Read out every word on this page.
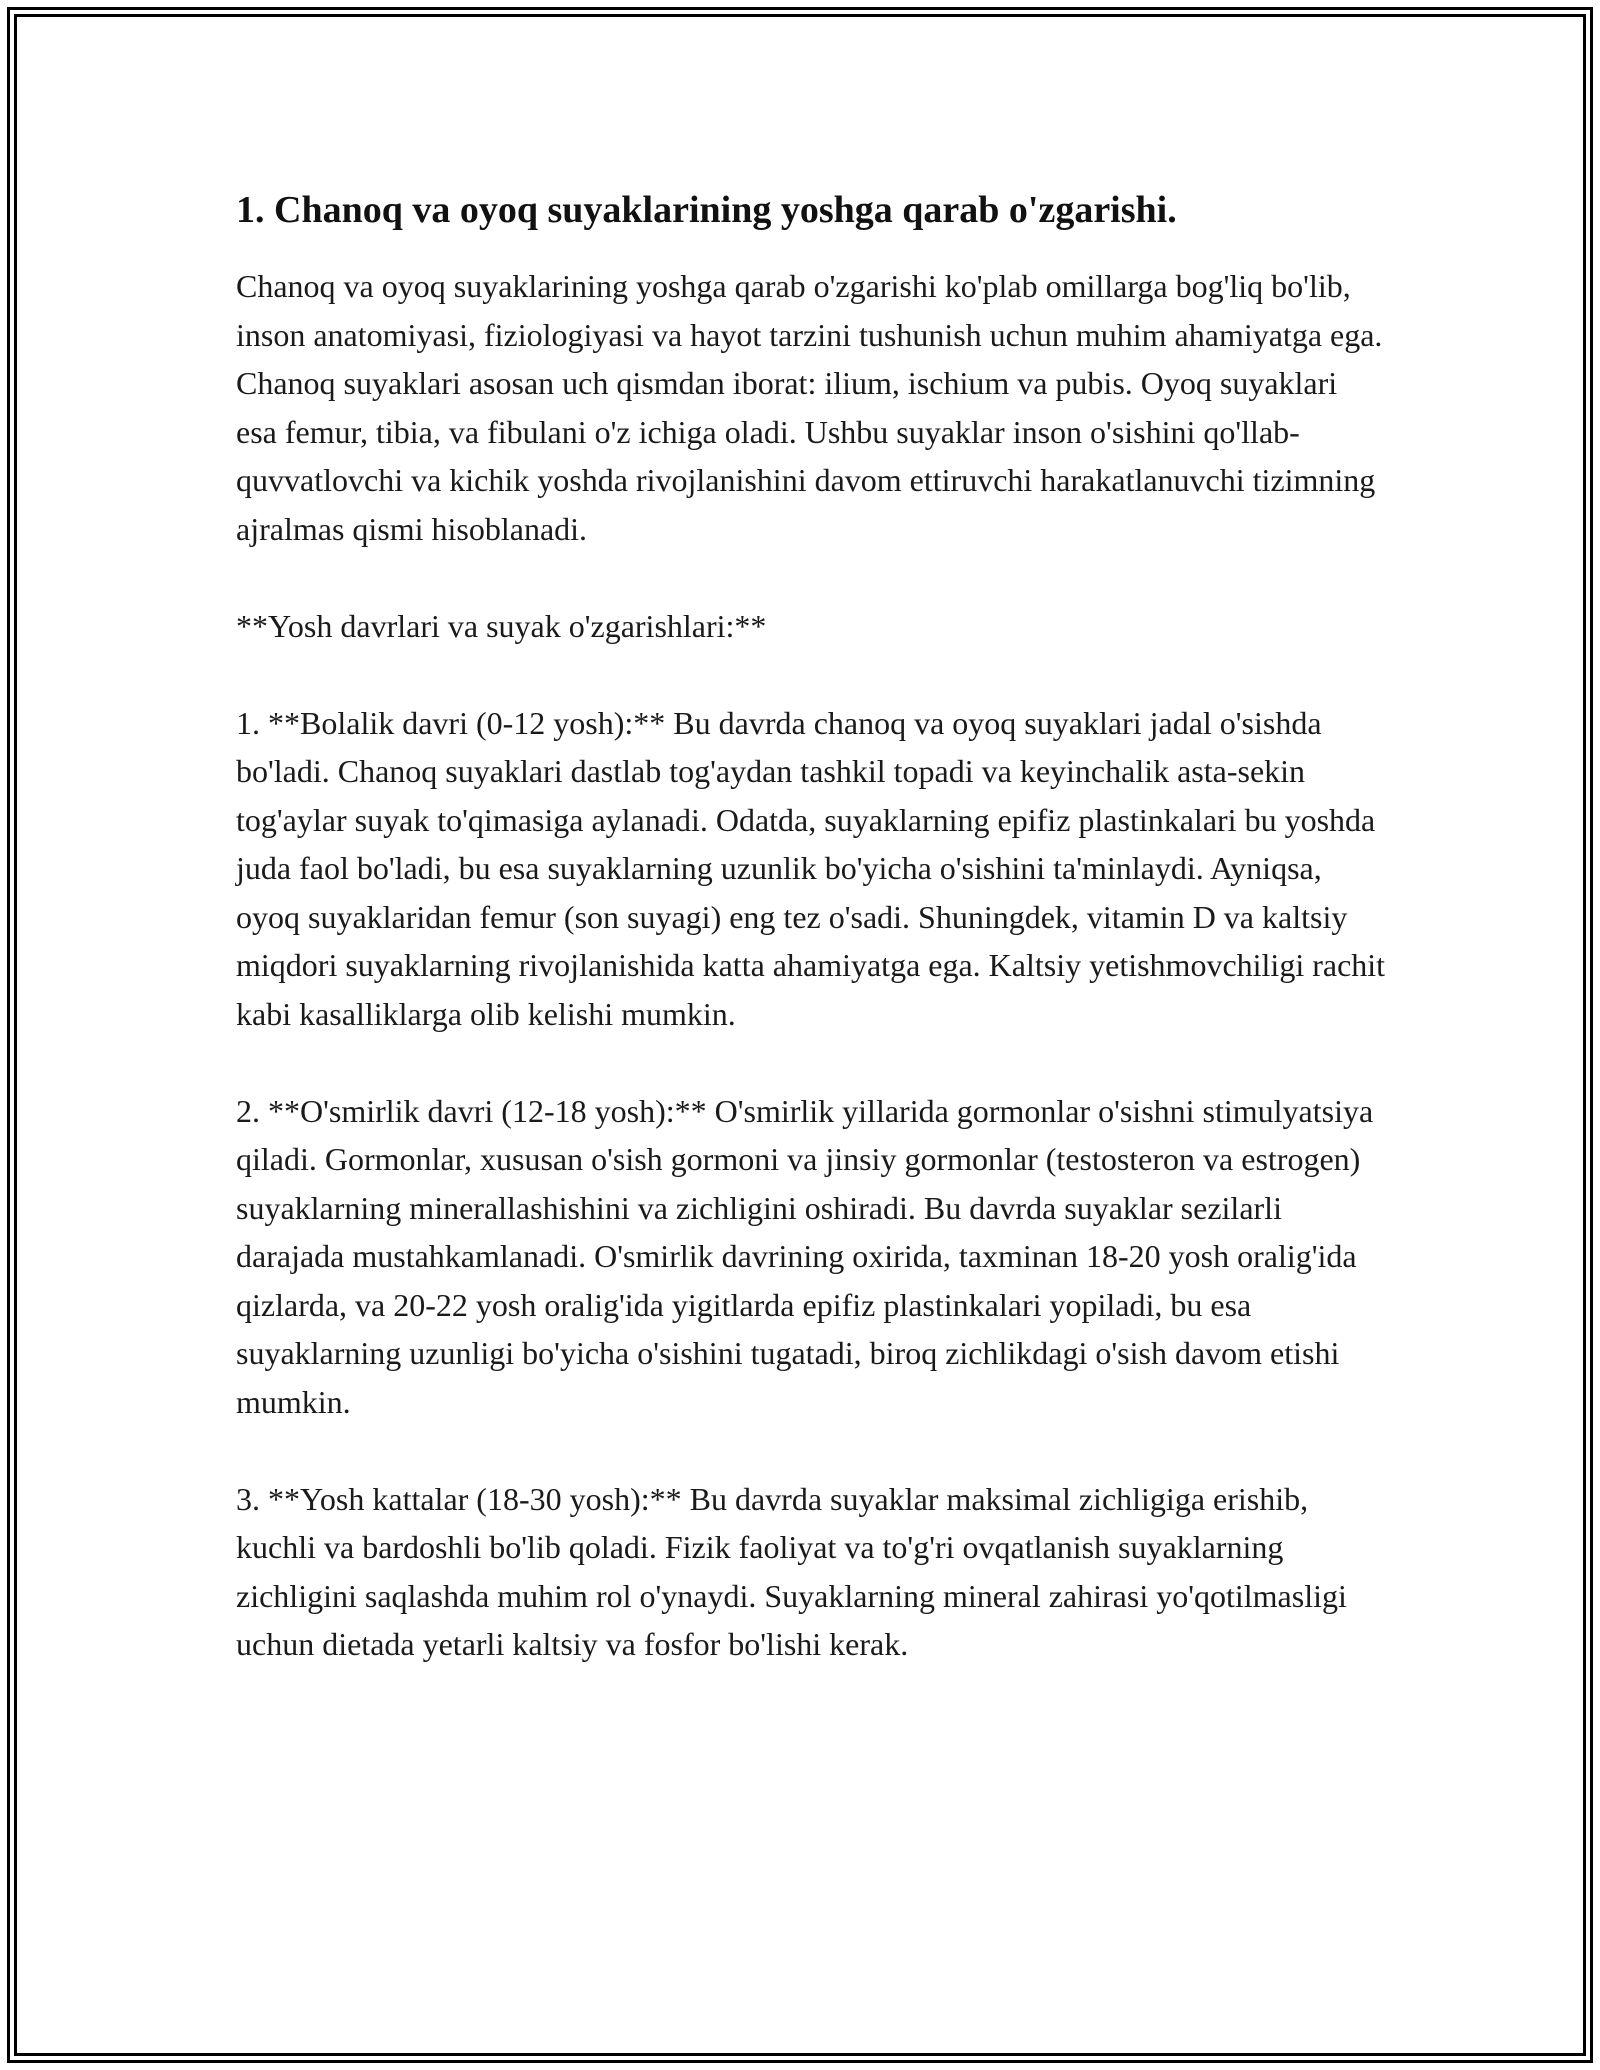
1. Chanoq va oyoq suyaklarining yoshga qarab o'zgarishi.

Chanoq va oyoq suyaklarining yoshga qarab o'zgarishi ko'plab omillarga bog'liq bo'lib, inson anatomiyasi, fiziologiyasi va hayot tarzini tushunish uchun muhim ahamiyatga ega. Chanoq suyaklari asosan uch qismdan iborat: ilium, ischium va pubis. Oyoq suyaklari esa femur, tibia, va fibulani o'z ichiga oladi. Ushbu suyaklar inson o'sishini qo'llab-quvvatlovchi va kichik yoshda rivojlanishini davom ettiruvchi harakatlanuvchi tizimning ajralmas qismi hisoblanadi.

**Yosh davrlari va suyak o'zgarishlari:**

1. **Bolalik davri (0-12 yosh):** Bu davrda chanoq va oyoq suyaklari jadal o'sishda bo'ladi. Chanoq suyaklari dastlab tog'aydan tashkil topadi va keyinchalik asta-sekin tog'aylar suyak to'qimasiga aylanadi. Odatda, suyaklarning epifiz plastinkalari bu yoshda juda faol bo'ladi, bu esa suyaklarning uzunlik bo'yicha o'sishini ta'minlaydi. Ayniqsa, oyoq suyaklaridan femur (son suyagi) eng tez o'sadi. Shuningdek, vitamin D va kaltsiy miqdori suyaklarning rivojlanishida katta ahamiyatga ega. Kaltsiy yetishmovchiligi rachit kabi kasalliklarga olib kelishi mumkin.

2. **O'smirlik davri (12-18 yosh):** O'smirlik yillarida gormonlar o'sishni stimulyatsiya qiladi. Gormonlar, xususan o'sish gormoni va jinsiy gormonlar (testosteron va estrogen) suyaklarning minerallashishini va zichligini oshiradi. Bu davrda suyaklar sezilarli darajada mustahkamlanadi. O'smirlik davrining oxirida, taxminan 18-20 yosh oralig'ida qizlarda, va 20-22 yosh oralig'ida yigitlarda epifiz plastinkalari yopiladi, bu esa suyaklarning uzunligi bo'yicha o'sishini tugatadi, biroq zichlikdagi o'sish davom etishi mumkin.

3. **Yosh kattalar (18-30 yosh):** Bu davrda suyaklar maksimal zichligiga erishib, kuchli va bardoshli bo'lib qoladi. Fizik faoliyat va to'g'ri ovqatlanish suyaklarning zichligini saqlashda muhim rol o'ynaydi. Suyaklarning mineral zahirasi yo'qotilmasligi uchun dietada yetarli kaltsiy va fosfor bo'lishi kerak.
